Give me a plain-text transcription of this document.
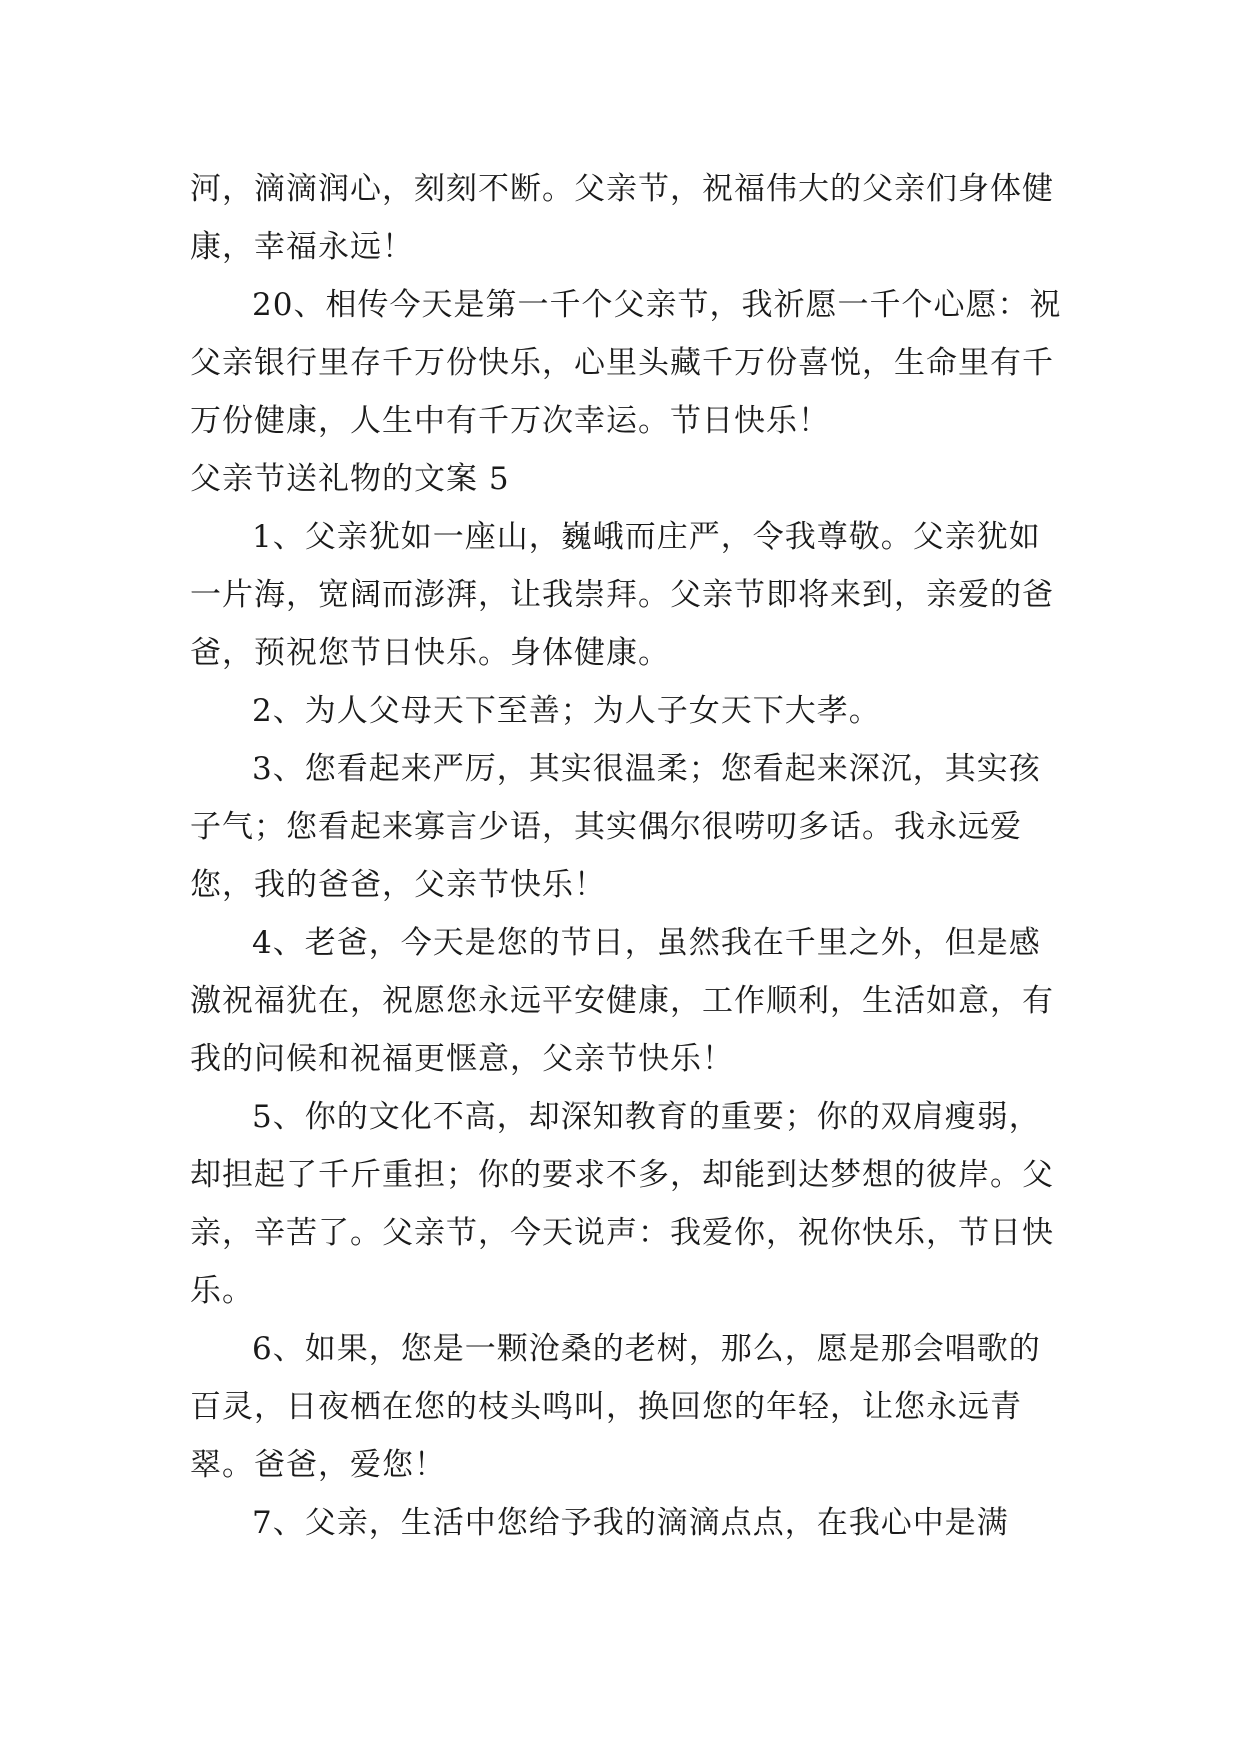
河，滴滴润心，刻刻不断。父亲节，祝福伟大的父亲们身体健康，幸福永远！

20、相传今天是第一千个父亲节，我祈愿一千个心愿：祝父亲银行里存千万份快乐，心里头藏千万份喜悦，生命里有千万份健康，人生中有千万次幸运。节日快乐！

父亲节送礼物的文案 5

1、父亲犹如一座山，巍峨而庄严，令我尊敬。父亲犹如一片海，宽阔而澎湃，让我崇拜。父亲节即将来到，亲爱的爸爸，预祝您节日快乐。身体健康。

2、为人父母天下至善；为人子女天下大孝。

3、您看起来严厉，其实很温柔；您看起来深沉，其实孩子气；您看起来寡言少语，其实偶尔很唠叨多话。我永远爱您，我的爸爸，父亲节快乐！

4、老爸，今天是您的节日，虽然我在千里之外，但是感激祝福犹在，祝愿您永远平安健康，工作顺利，生活如意，有我的问候和祝福更惬意，父亲节快乐！

5、你的文化不高，却深知教育的重要；你的双肩瘦弱，却担起了千斤重担；你的要求不多，却能到达梦想的彼岸。父亲，辛苦了。父亲节，今天说声：我爱你，祝你快乐，节日快乐。

6、如果，您是一颗沧桑的老树，那么，愿是那会唱歌的百灵，日夜栖在您的枝头鸣叫，换回您的年轻，让您永远青翠。爸爸，爱您！

7、父亲，生活中您给予我的滴滴点点，在我心中是满
